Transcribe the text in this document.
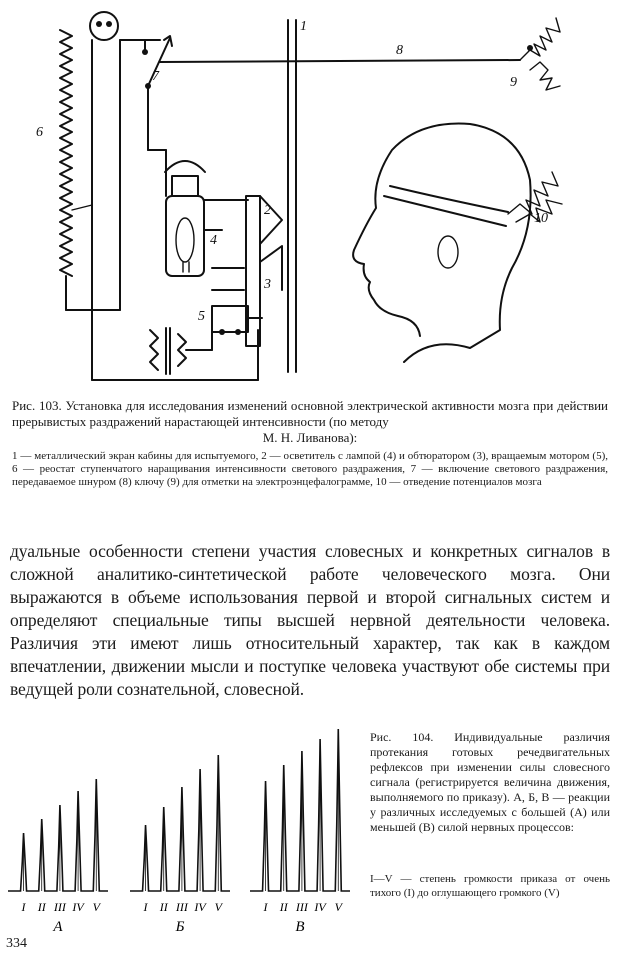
1
2
3
4
5
6
7
8
9
10
Рис. 103. Установка для исследования изменений основной электрической активности мозга при действии прерывистых раздражений нарастающей интенсивности (по методу
М. Н. Ливанова):
1 — металлический экран кабины для испытуемого, 2 — осветитель с лампой (4) и обтюратором (3), вращаемым мотором (5), 6 — реостат ступенчатого наращивания интенсивности светового раздражения, 7 — включение светового раздражения, передаваемое шнуром (8) ключу (9) для отметки на электроэнцефалограмме, 10 — отведение потенциалов мозга
дуальные особенности степени участия словесных и конкретных сигналов в сложной аналитико-синтетической работе человеческого мозга. Они выражаются в объеме использования первой и второй сигнальных систем и определяют специальные типы высшей нервной деятельности человека. Различия эти имеют лишь относительный характер, так как в каждом впечатлении, движении мысли и поступке человека участвуют обе системы при ведущей роли сознательной, словесной.
I II III IV V
А
I II III IV V
Б
I II III IV V
В
Рис. 104. Индивидуальные различия протекания готовых речедвигательных рефлексов при изменении силы словесного сигнала (регистрируется величина движения, выполняемого по приказу). А, Б, В — реакции у различных исследуемых с большей (А) или меньшей (В) силой нервных процессов:
I—V — степень громкости приказа от очень тихого (I) до оглушающего громкого (V)
334
